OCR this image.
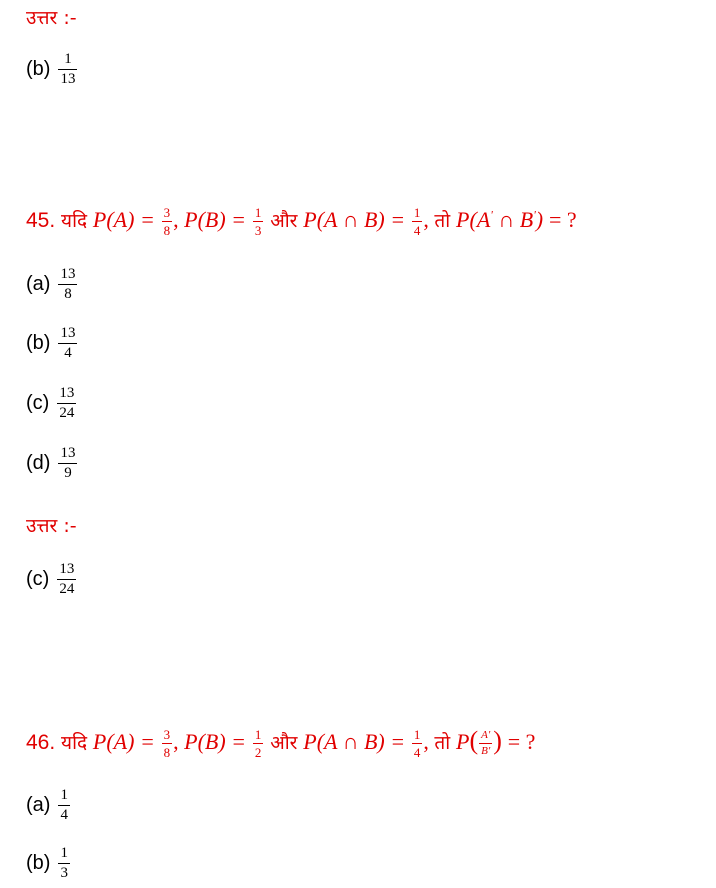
उत्तर :-
$(b) \frac{1}{13}$
45. यदि $P(A) = \frac{3}{8}$ , $P(B) = \frac{1}{3}$ और P(A ∩ $B) = \frac{1}{4}$ , तो P(A' ∩ B') = ?
$(a) \frac{13}{8}$
$(b) \frac{13}{4}$
$(c) \frac{13}{24}$
$(d) \frac{13}{9}$
उत्तर :-
$(c) \frac{13}{24}$
46. यदि $P(A) = \frac{3}{8}$ , $P(B) = \frac{1}{2}$ और P(A ∩ $B) = \frac{1}{4}$ , तो $P( \frac{A'}{B'}$ ) = ?
$(a) \frac{1}{4}$
$(b) \frac{1}{3}$
